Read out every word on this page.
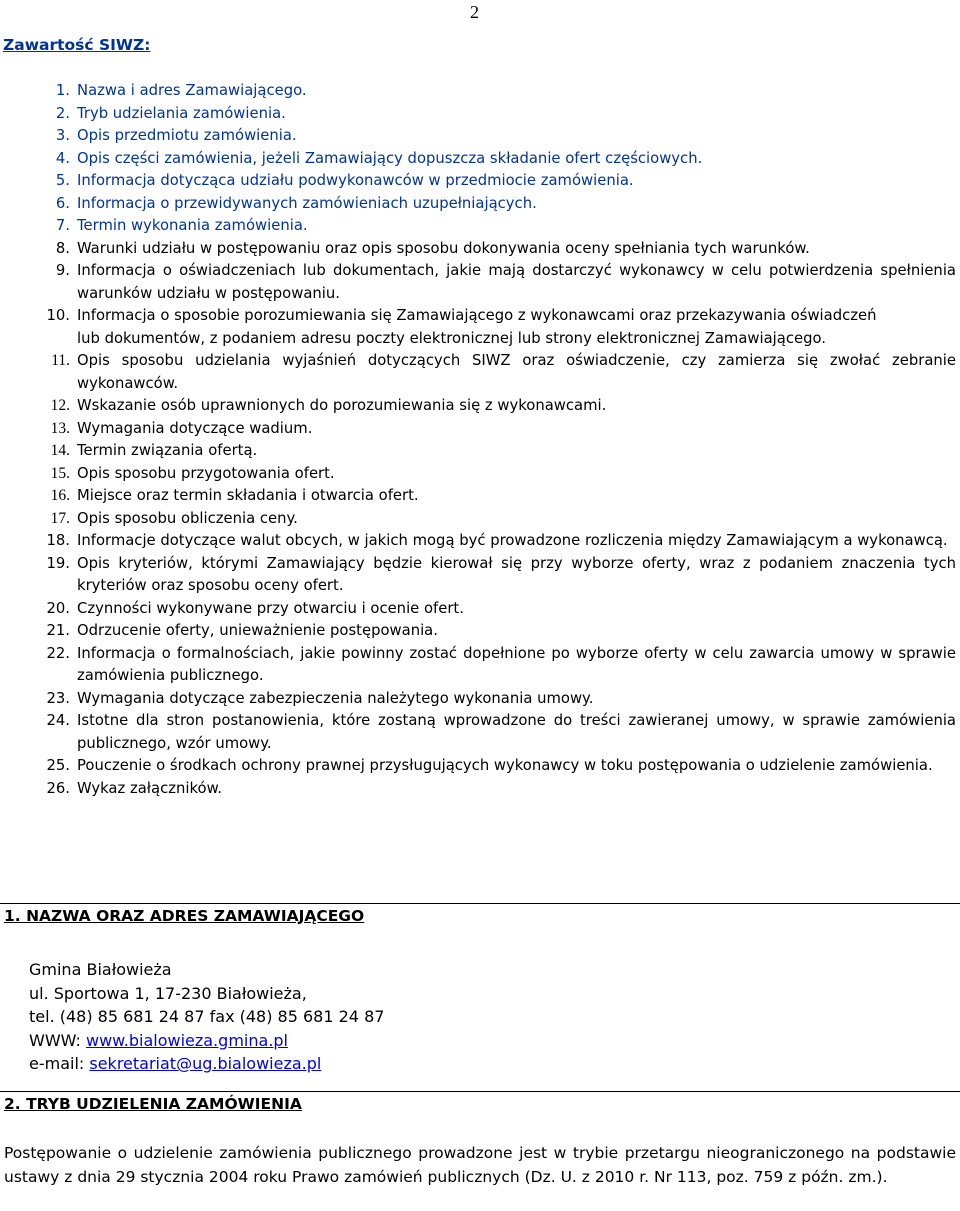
2
Zawartość SIWZ:
1. Nazwa i adres Zamawiającego.
2. Tryb udzielania zamówienia.
3. Opis przedmiotu zamówienia.
4. Opis części zamówienia, jeżeli Zamawiający dopuszcza składanie ofert częściowych.
5. Informacja dotycząca udziału podwykonawców w przedmiocie zamówienia.
6. Informacja o przewidywanych zamówieniach uzupełniających.
7. Termin wykonania zamówienia.
8. Warunki udziału w postępowaniu oraz opis sposobu dokonywania oceny spełniania tych warunków.
9. Informacja o oświadczeniach lub dokumentach, jakie mają dostarczyć wykonawcy w celu potwierdzenia spełnienia warunków udziału w postępowaniu.
10. Informacja o sposobie porozumiewania się Zamawiającego z wykonawcami oraz przekazywania oświadczeń
lub dokumentów, z podaniem adresu poczty elektronicznej lub strony elektronicznej Zamawiającego.
11. Opis sposobu udzielania wyjaśnień dotyczących SIWZ oraz oświadczenie, czy zamierza się zwołać zebranie wykonawców.
12. Wskazanie osób uprawnionych do porozumiewania się z wykonawcami.
13. Wymagania dotyczące wadium.
14. Termin związania ofertą.
15. Opis sposobu przygotowania ofert.
16. Miejsce oraz termin składania i otwarcia ofert.
17. Opis sposobu obliczenia ceny.
18. Informacje dotyczące walut obcych, w jakich mogą być prowadzone rozliczenia między Zamawiającym a wykonawcą.
19. Opis kryteriów, którymi Zamawiający będzie kierował się przy wyborze oferty, wraz z podaniem znaczenia tych kryteriów oraz sposobu oceny ofert.
20. Czynności wykonywane przy otwarciu i ocenie ofert.
21. Odrzucenie oferty, unieważnienie postępowania.
22. Informacja o formalnościach, jakie powinny zostać dopełnione po wyborze oferty w celu zawarcia umowy w sprawie zamówienia publicznego.
23. Wymagania dotyczące zabezpieczenia należytego wykonania umowy.
24. Istotne dla stron postanowienia, które zostaną wprowadzone do treści zawieranej umowy, w sprawie zamówienia publicznego, wzór umowy.
25. Pouczenie o środkach ochrony prawnej przysługujących wykonawcy w toku postępowania o udzielenie zamówienia.
26. Wykaz załączników.
1. NAZWA ORAZ ADRES ZAMAWIAJĄCEGO
Gmina Białowieża
ul. Sportowa 1, 17-230 Białowieża,
tel. (48) 85 681 24 87 fax (48) 85 681 24 87
WWW: www.bialowieza.gmina.pl
e-mail: sekretariat@ug.bialowieza.pl
2. TRYB UDZIELENIA ZAMÓWIENIA
Postępowanie o udzielenie zamówienia publicznego prowadzone jest w trybie przetargu nieograniczonego na podstawie ustawy z dnia 29 stycznia 2004 roku Prawo zamówień publicznych (Dz. U. z 2010 r. Nr 113, poz. 759 z późn. zm.).
